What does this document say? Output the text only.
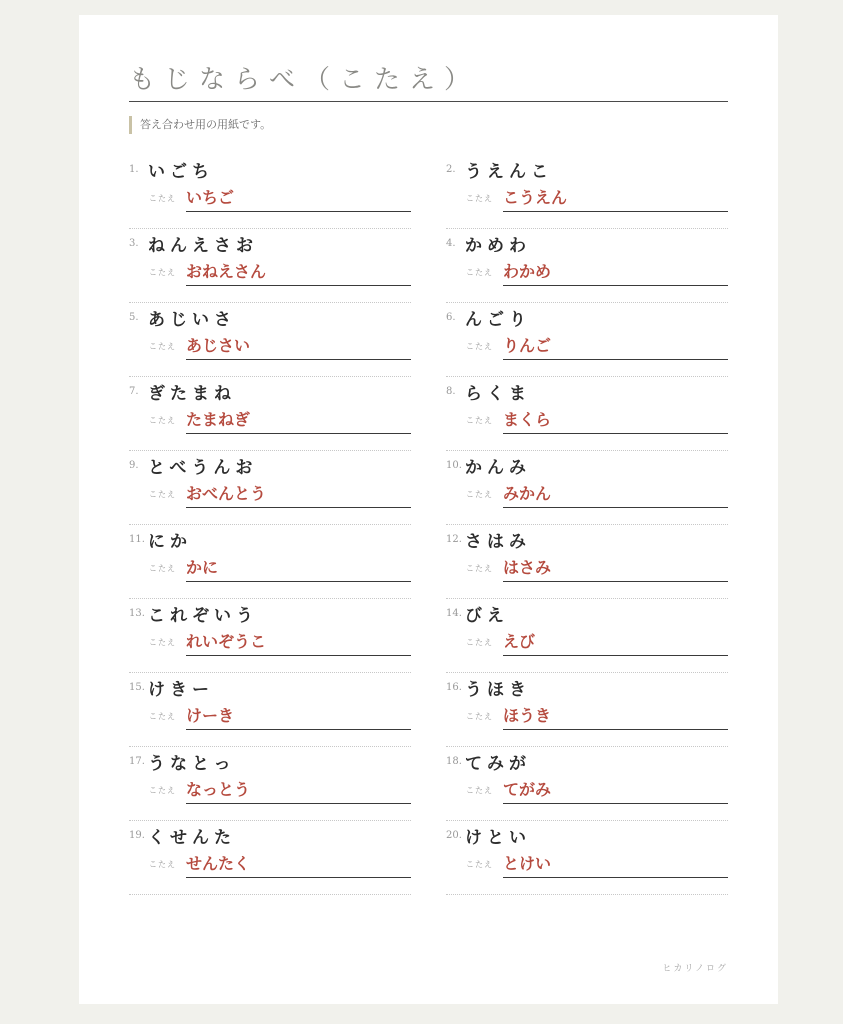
もじならべ（こたえ）
答え合わせ用の用紙です。
1. いごち
こたえ いちご
2. うえんこ
こたえ こうえん
3. ねんえさお
こたえ おねえさん
4. かめわ
こたえ わかめ
5. あじいさ
こたえ あじさい
6. んごり
こたえ りんご
7. ぎたまね
こたえ たまねぎ
8. らくま
こたえ まくら
9. とべうんお
こたえ おべんとう
10. かんみ
こたえ みかん
11. にか
こたえ かに
12. さはみ
こたえ はさみ
13. これぞいう
こたえ れいぞうこ
14. びえ
こたえ えび
15. けきー
こたえ けーき
16. うほき
こたえ ほうき
17. うなとっ
こたえ なっとう
18. てみが
こたえ てがみ
19. くせんた
こたえ せんたく
20. けとい
こたえ とけい
ヒカリノログ
